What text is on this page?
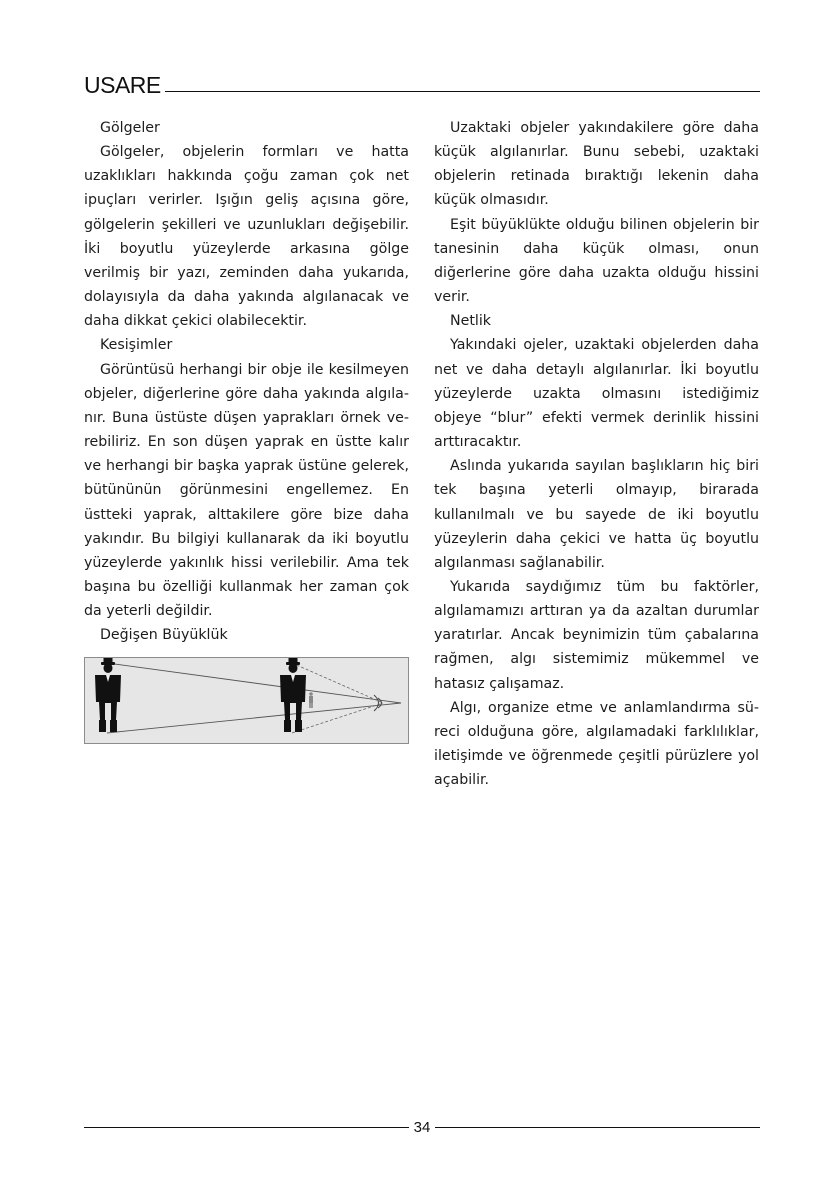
USARE

Gölgeler

Gölgeler, objelerin formları ve hatta uzaklıkları hakkında çoğu zaman çok net ipuçları verirler. Işığın geliş açısına göre, gölgelerin şekilleri ve uzunlukları değişebilir. İki boyutlu yüzeylerde arkasına gölge verilmiş bir yazı, zeminden daha yukarıda, dolayısıyla da daha yakında algılanacak ve daha dikkat çekici olabilecektir.

Kesişimler

Görüntüsü herhangi bir obje ile kesilmeyen objeler, diğerlerine göre daha yakında algılanır. Buna üstüste düşen yaprakları örnek verebiliriz. En son düşen yaprak en üstte kalır ve herhangi bir başka yaprak üstüne gelerek, bütününün görünmesini engellemez. En üstteki yaprak, alttakilere göre bize daha yakındır. Bu bilgiyi kullanarak da iki boyutlu yüzeylerde yakınlık hissi verilebilir. Ama tek başına bu özelliği kullanmak her zaman çok da yeterli değildir.

Değişen Büyüklük

Uzaktaki objeler yakındakilere göre daha küçük algılanırlar. Bunu sebebi, uzaktaki objelerin retinada bıraktığı lekenin daha küçük olmasıdır.

Eşit büyüklükte olduğu bilinen objelerin bir tanesinin daha küçük olması, onun diğerlerine göre daha uzakta olduğu hissini verir.

Netlik

Yakındaki ojeler, uzaktaki objelerden daha net ve daha detaylı algılanırlar. İki boyutlu yüzeylerde uzakta olmasını istediğimiz objeye “blur” efekti vermek derinlik hissini arttıracaktır.

Aslında yukarıda sayılan başlıkların hiç biri tek başına yeterli olmayıp, birarada kullanılmalı ve bu sayede de iki boyutlu yüzeylerin daha çekici ve hatta üç boyutlu algılanması sağlanabilir.

Yukarıda saydığımız tüm bu faktörler, algılamamızı arttıran ya da azaltan durumlar yaratırlar. Ancak beynimizin tüm çabalarına rağmen, algı sistemimiz mükemmel ve hatasız çalışamaz.

Algı, organize etme ve anlamlandırma süreci olduğuna göre, algılamadaki farklılıklar, iletişimde ve öğrenmede çeşitli pürüzlere yol açabilir.

34
